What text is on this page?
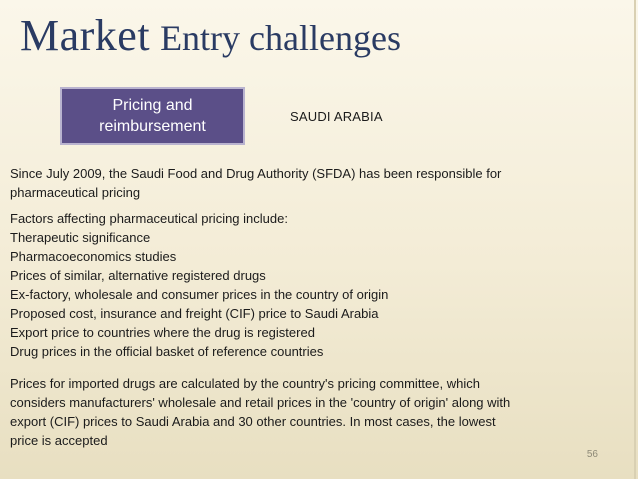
Market Entry challenges
Pricing and
reimbursement
SAUDI ARABIA
Since July 2009, the Saudi Food and Drug Authority (SFDA) has been responsible for
pharmaceutical pricing
Factors affecting pharmaceutical pricing include:
Therapeutic significance
Pharmacoeconomics studies
Prices of similar, alternative registered drugs
Ex-factory, wholesale and consumer prices in the country of origin
Proposed cost, insurance and freight (CIF) price to Saudi Arabia
Export price to countries where the drug is registered
Drug prices in the official basket of reference countries
Prices for imported drugs are calculated by the country's pricing committee, which
considers manufacturers' wholesale and retail prices in the 'country of origin' along with
export (CIF) prices to Saudi Arabia and 30 other countries. In most cases, the lowest
price is accepted
56
